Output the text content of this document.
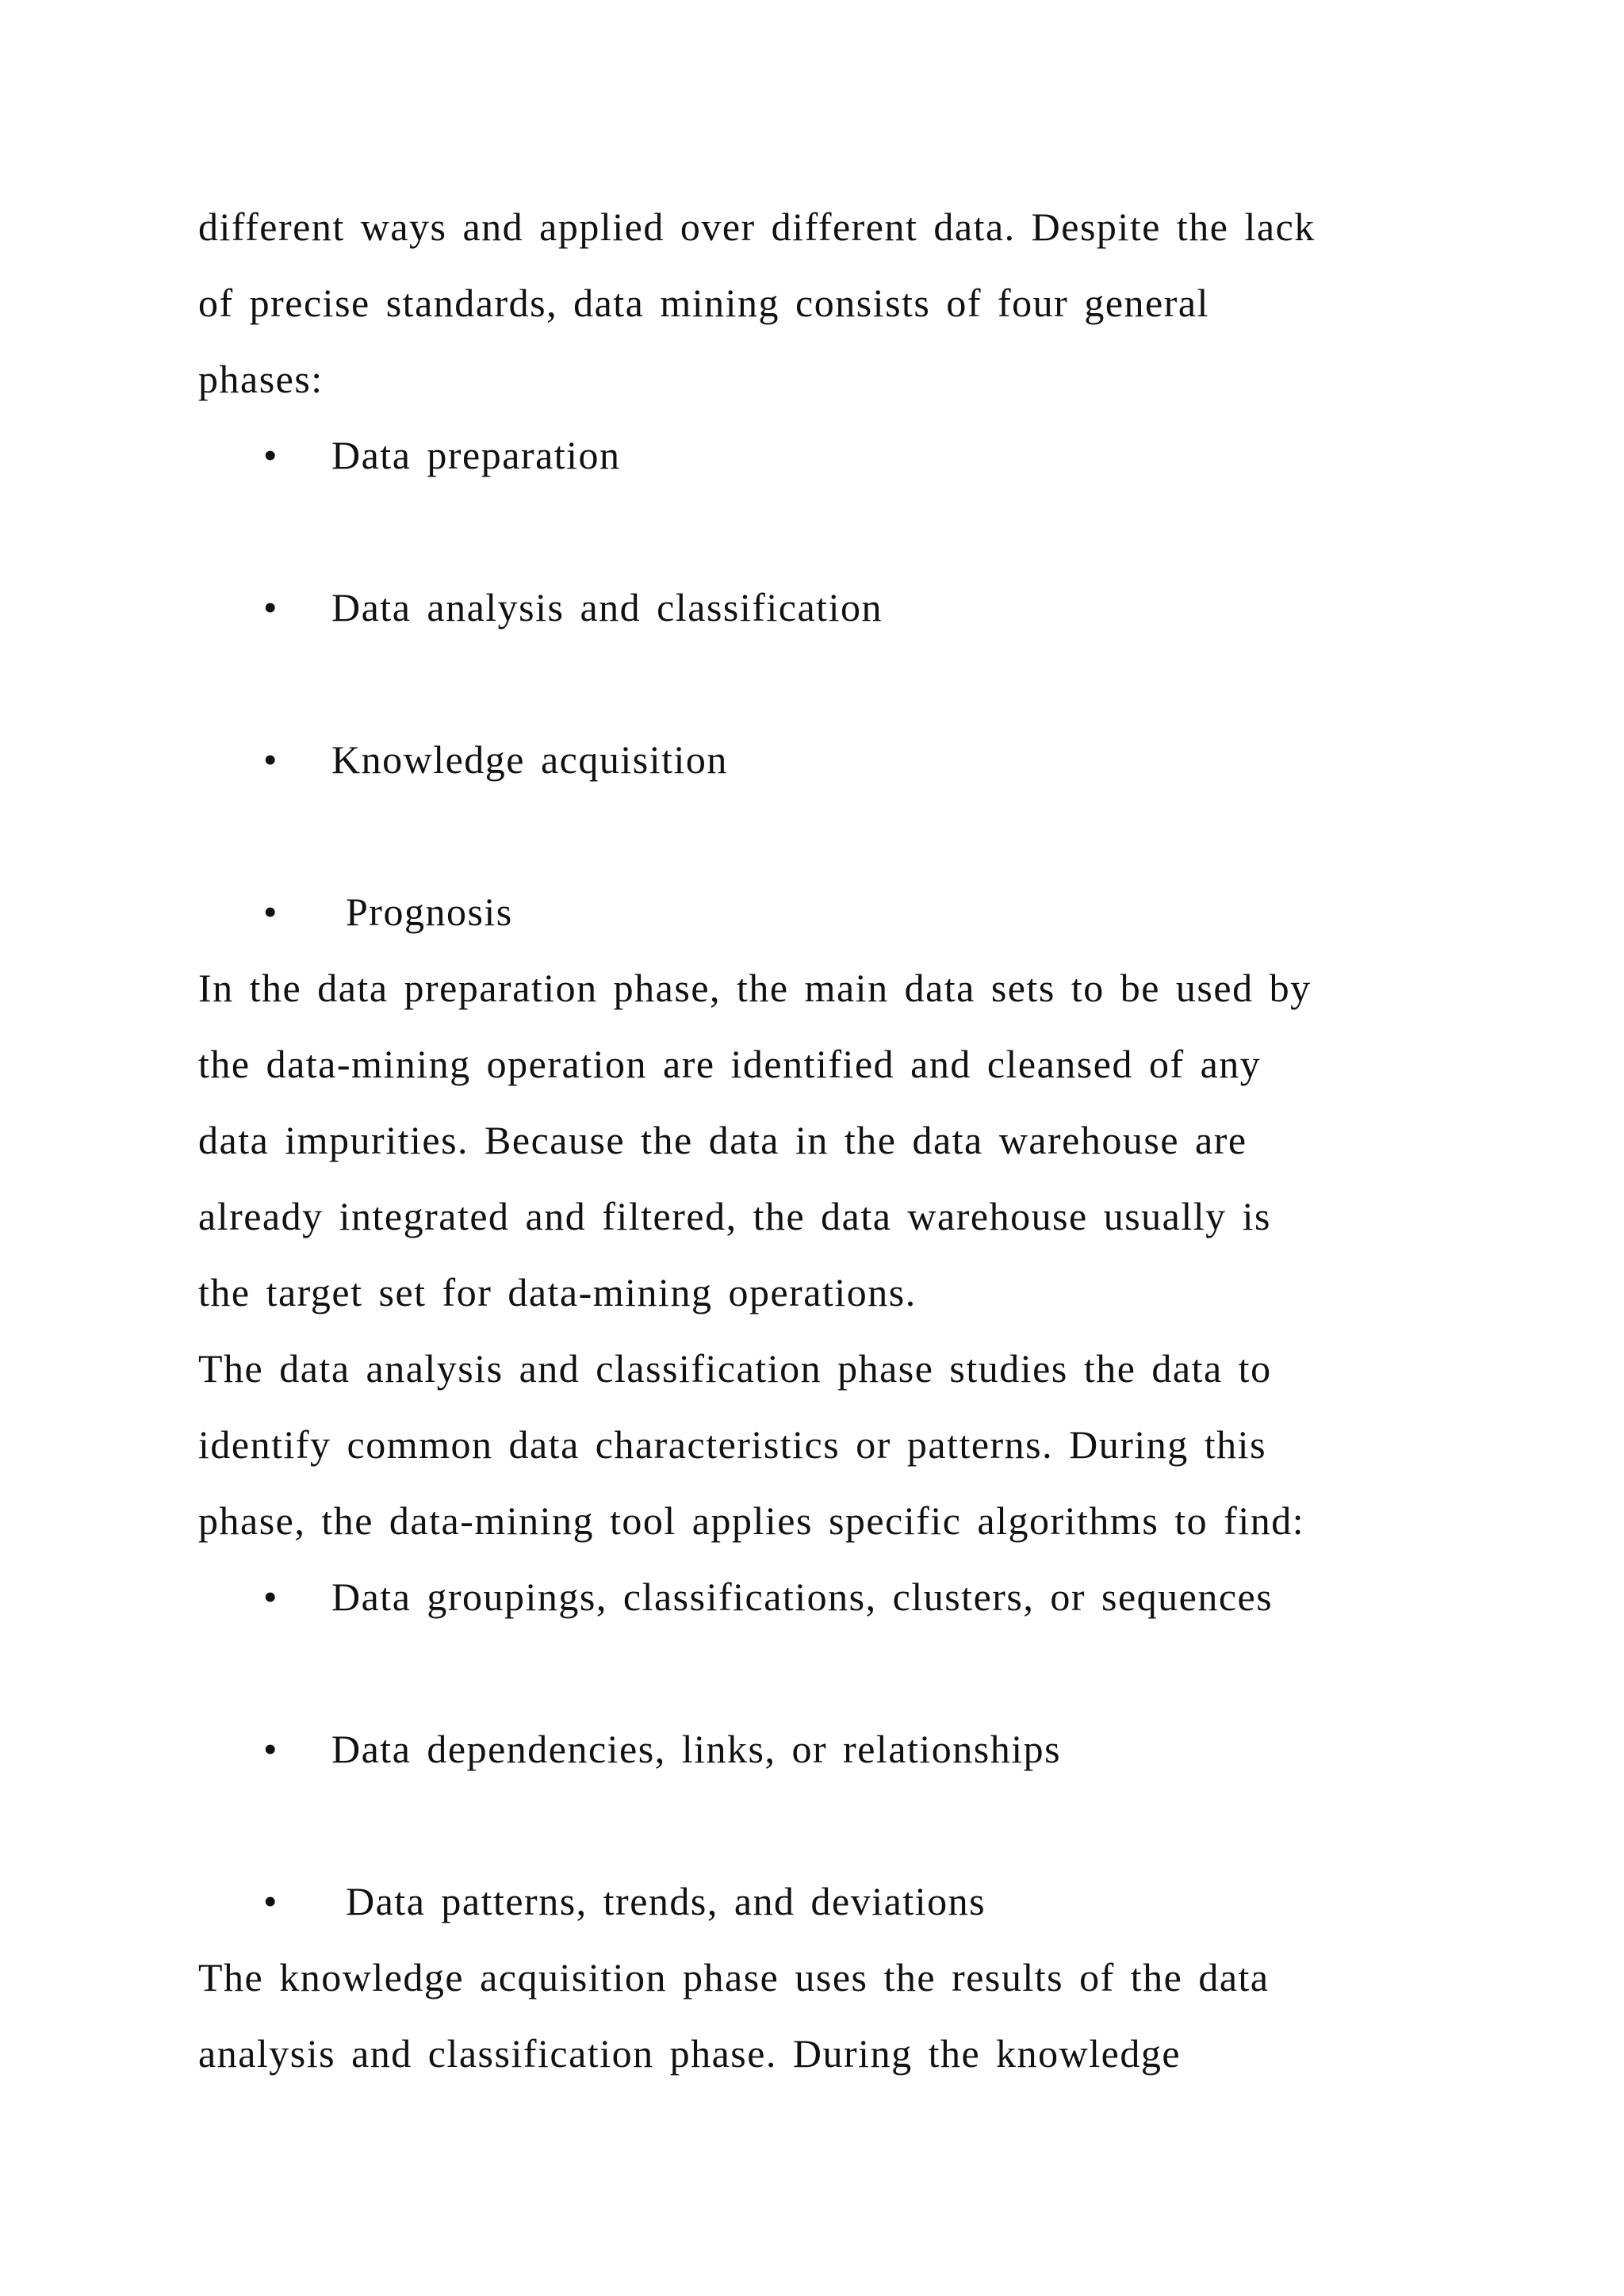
different ways and applied over different data. Despite the lack
of precise standards, data mining consists of four general
phases:
• Data preparation
• Data analysis and classification
• Knowledge acquisition
• Prognosis
In the data preparation phase, the main data sets to be used by
the data-mining operation are identified and cleansed of any
data impurities. Because the data in the data warehouse are
already integrated and filtered, the data warehouse usually is
the target set for data-mining operations.
The data analysis and classification phase studies the data to
identify common data characteristics or patterns. During this
phase, the data-mining tool applies specific algorithms to find:
• Data groupings, classifications, clusters, or sequences
• Data dependencies, links, or relationships
• Data patterns, trends, and deviations
The knowledge acquisition phase uses the results of the data
analysis and classification phase. During the knowledge
